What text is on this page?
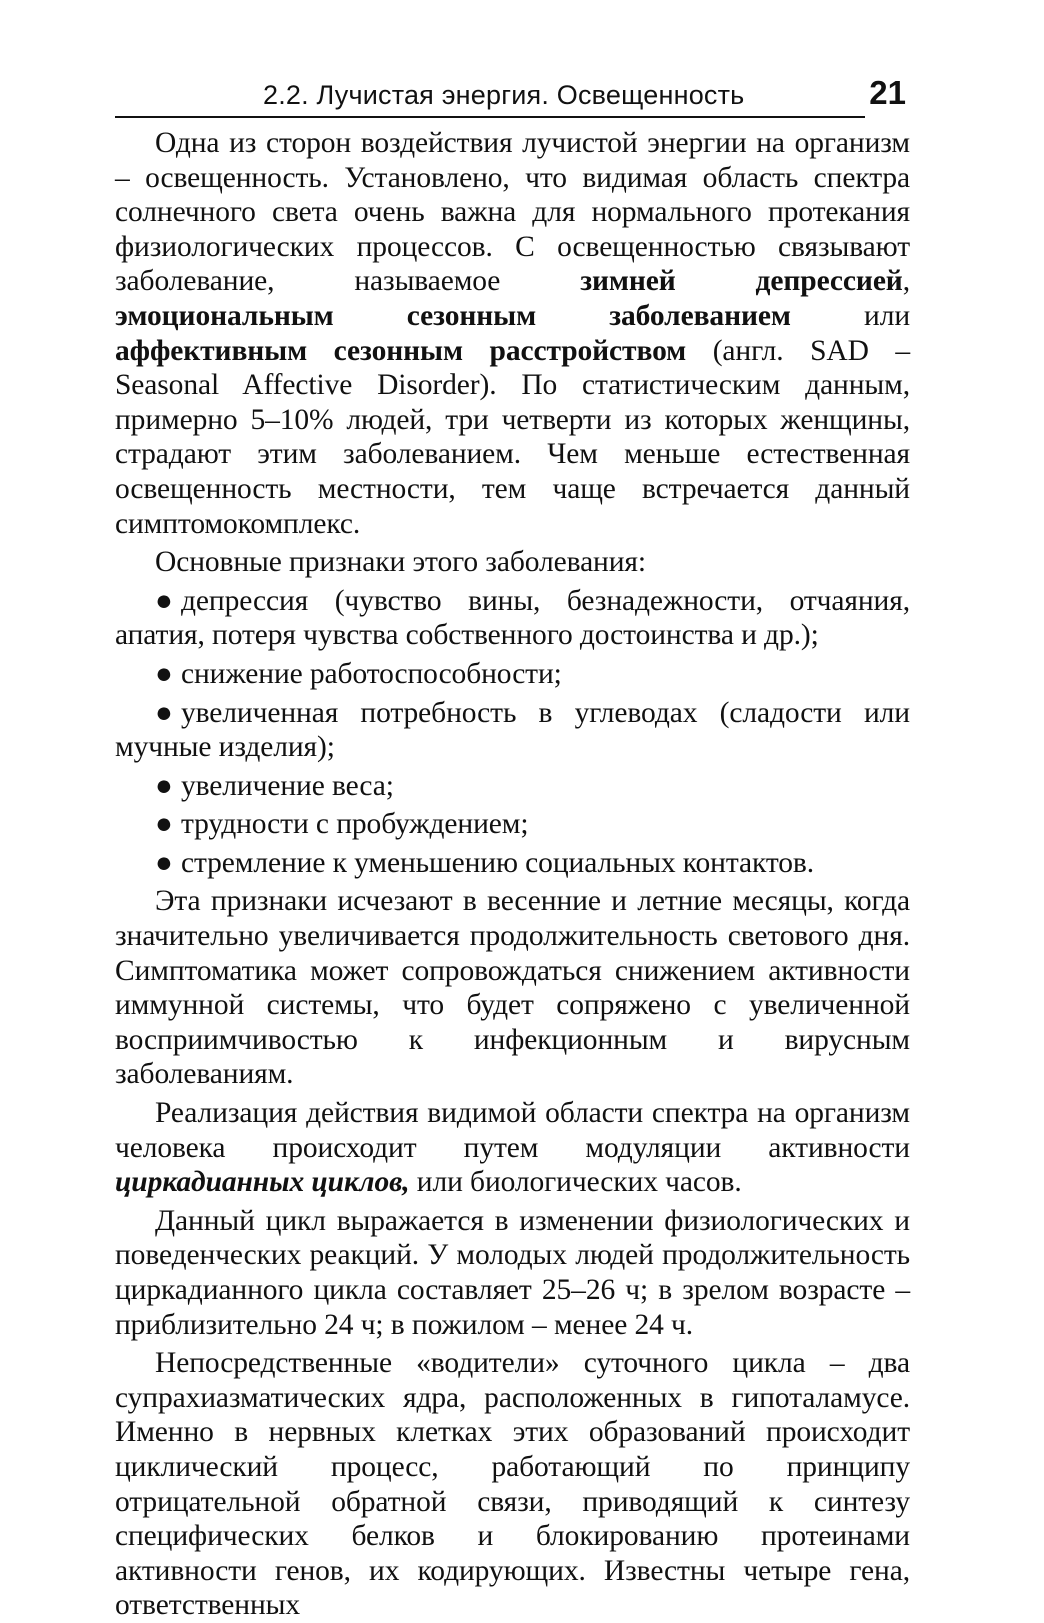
2.2. Лучистая энергия. Освещенность	21

Одна из сторон воздействия лучистой энергии на организм – освещенность. Установлено, что видимая область спектра солнечного света очень важна для нормального протекания физиологических процессов. С освещенностью связывают заболевание, называемое зимней депрессией, эмоциональным сезонным заболеванием или аффективным сезонным расстройством (англ. SAD – Seasonal Affective Disorder). По статистическим данным, примерно 5–10% людей, три четверти из которых женщины, страдают этим заболеванием. Чем меньше естественная освещенность местности, тем чаще встречается данный симптомокомплекс.

Основные признаки этого заболевания:

● депрессия (чувство вины, безнадежности, отчаяния, апатия, потеря чувства собственного достоинства и др.);
● снижение работоспособности;
● увеличенная потребность в углеводах (сладости или мучные изделия);
● увеличение веса;
● трудности с пробуждением;
● стремление к уменьшению социальных контактов.

Эта признаки исчезают в весенние и летние месяцы, когда значительно увеличивается продолжительность светового дня. Симптоматика может сопровождаться снижением активности иммунной системы, что будет сопряжено с увеличенной восприимчивостью к инфекционным и вирусным заболеваниям.

Реализация действия видимой области спектра на организм человека происходит путем модуляции активности циркадианных циклов, или биологических часов.

Данный цикл выражается в изменении физиологических и поведенческих реакций. У молодых людей продолжительность циркадианного цикла составляет 25–26 ч; в зрелом возрасте – приблизительно 24 ч; в пожилом – менее 24 ч.

Непосредственные «водители» суточного цикла – два супрахиазматических ядра, расположенных в гипоталамусе. Именно в нервных клетках этих образований происходит циклический процесс, работающий по принципу отрицательной обратной связи, приводящий к синтезу специфических белков и блокированию протеинами активности генов, их кодирующих. Известны четыре гена, ответственных
